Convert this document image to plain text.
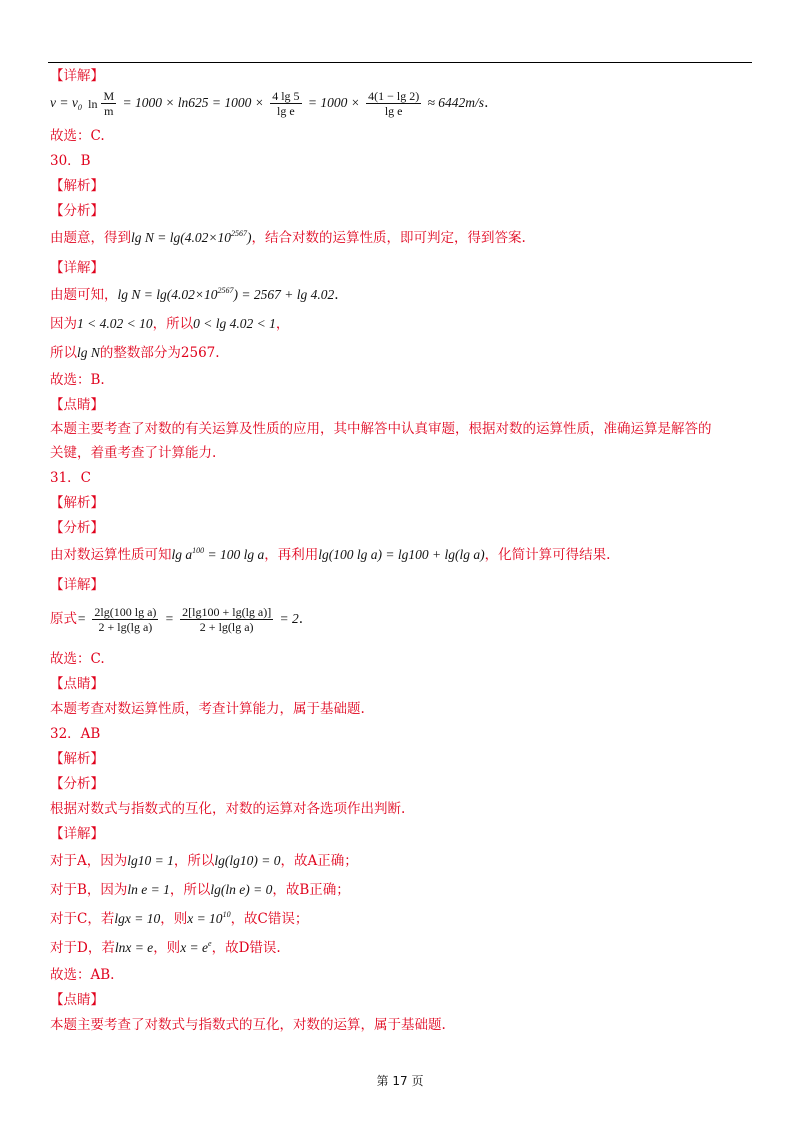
【详解】

$v = v_0$ $\ln \frac{M}{m} = 1000 \times \ln 625 = 1000 \times \frac{4 \lg 5}{\text{lg e}} = 1000 \times \frac{4(1 - \lg 2)}{\text{lg e}} \approx 6442m/s$.

故选：C.

30．B

【解析】

【分析】

由题意，得到$\lg N = \lg(4.02\times 10^{2567})$，结合对数的运算性质，即可判定，得到答案.

【详解】

由题可知，$\lg N = \lg(4.02\times 10^{2567}) = 2567 + \lg 4.02$.

因为1 < 4.02 < 10，所以0 < lg 4.02 < 1，

所以lg N的整数部分为2567.

故选：B.

【点睛】

本题主要考查了对数的有关运算及性质的应用，其中解答中认真审题，根据对数的运算性质，准确运算是解答的

关键，着重考查了计算能力.

31．C

【解析】

【分析】

由对数运算性质可知$\lg a^{100} = 100$ lg a，再利用lg(100 lg a) = lg100 + lg(lg a)，化简计算可得结果.

【详解】

原式= $\frac{\text{2lg(100 lg a)}}{\text{2 + lg(lg a)}} = \frac{\text{2[lg100 + lg(lg a)]}}{\text{2 + lg(lg a)}} = 2$.

故选：C.

【点睛】

本题考查对数运算性质，考查计算能力，属于基础题.

32．AB

【解析】

【分析】

根据对数式与指数式的互化，对数的运算对各选项作出判断.

【详解】

对于A，因为lg10 = 1，所以lg(lg10) = 0，故A正确；

对于B，因为ln e = 1，所以lg(ln e) = 0，故B正确；

对于C，若lgx = 10，则$x = 10^{10}$，故C错误；

对于D，若lnx = e，则$x = e^e$，故D错误.

故选：AB.

【点睛】

本题主要考查了对数式与指数式的互化，对数的运算，属于基础题.

第 17 页
